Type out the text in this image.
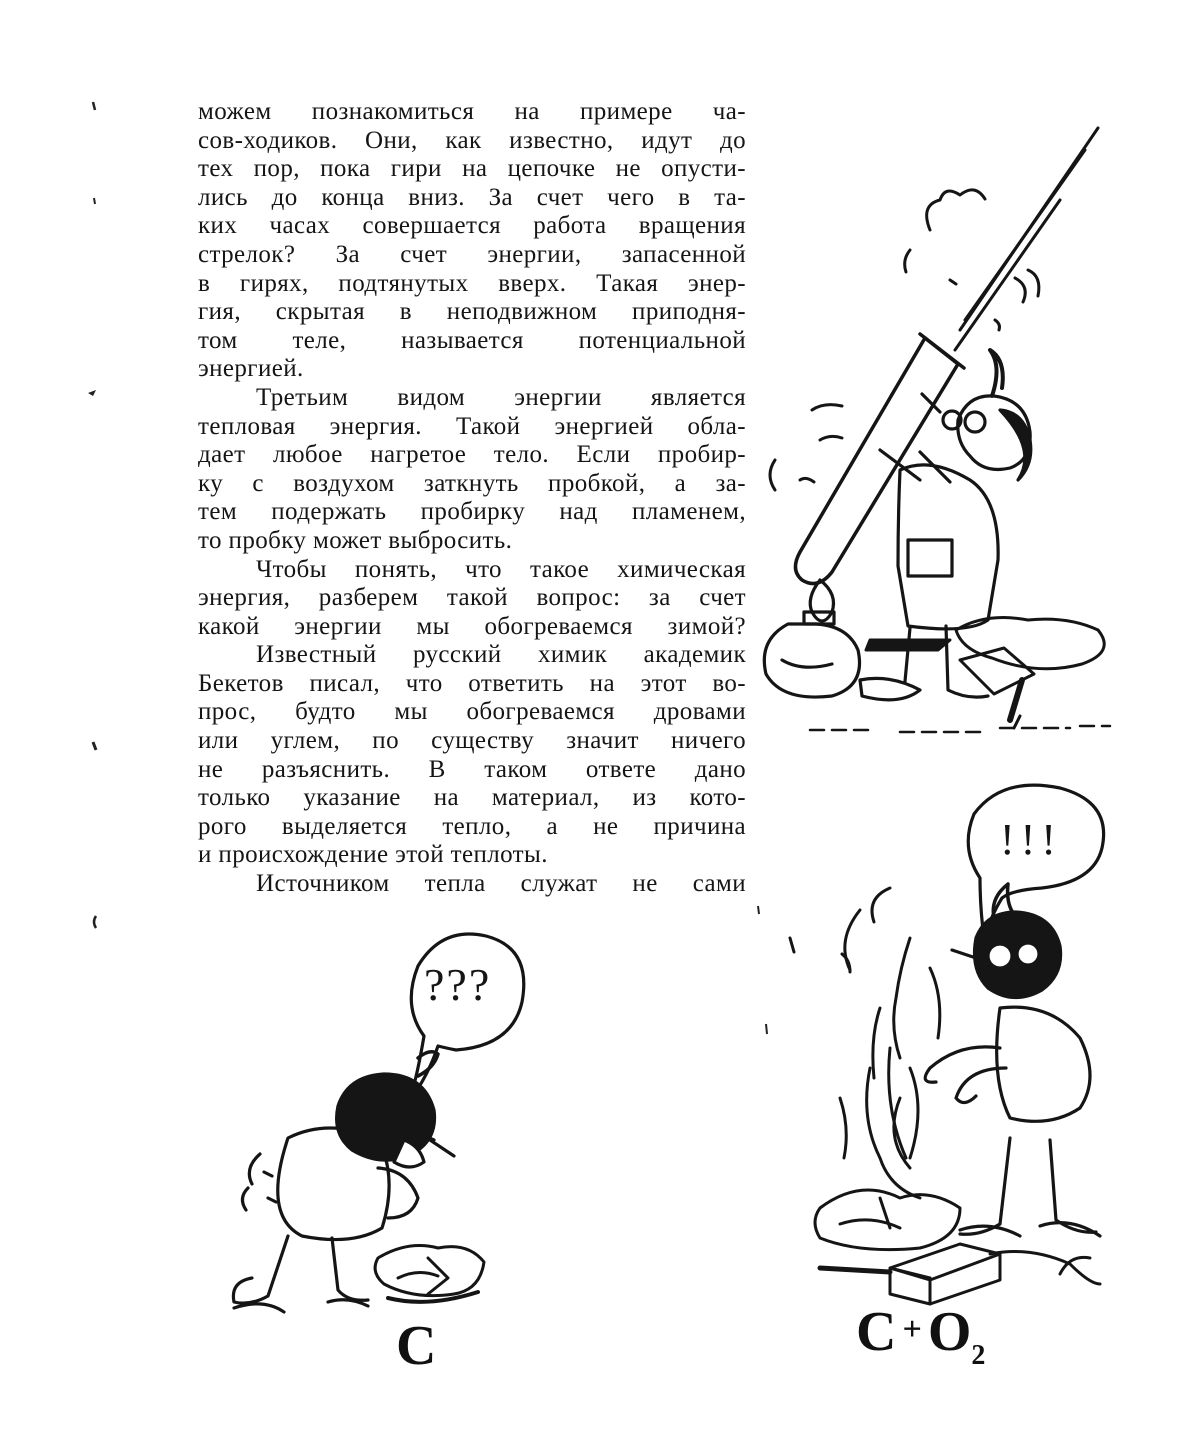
можем познакомиться на примере ча-
сов-ходиков. Они, как известно, идут до
тех пор, пока гири на цепочке не опусти-
лись до конца вниз. За счет чего в та-
ких часах совершается работа вращения
стрелок? За счет энергии, запасенной
в гирях, подтянутых вверх. Такая энер-
гия, скрытая в неподвижном приподня-
том теле, называется потенциальной
энергией.
Третьим видом энергии является
тепловая энергия. Такой энергией обла-
дает любое нагретое тело. Если пробир-
ку с воздухом заткнуть пробкой, а за-
тем подержать пробирку над пламенем,
то пробку может выбросить.
Чтобы понять, что такое химическая
энергия, разберем такой вопрос: за счет
какой энергии мы обогреваемся зимой?
Известный русский химик академик
Бекетов писал, что ответить на этот во-
прос, будто мы обогреваемся дровами
или углем, по существу значит ничего
не разъяснить. В таком ответе дано
только указание на материал, из кото-
рого выделяется тепло, а не причина
и происхождение этой теплоты.
Источником тепла служат не сами
???
С
!!!
$С + О_2$
